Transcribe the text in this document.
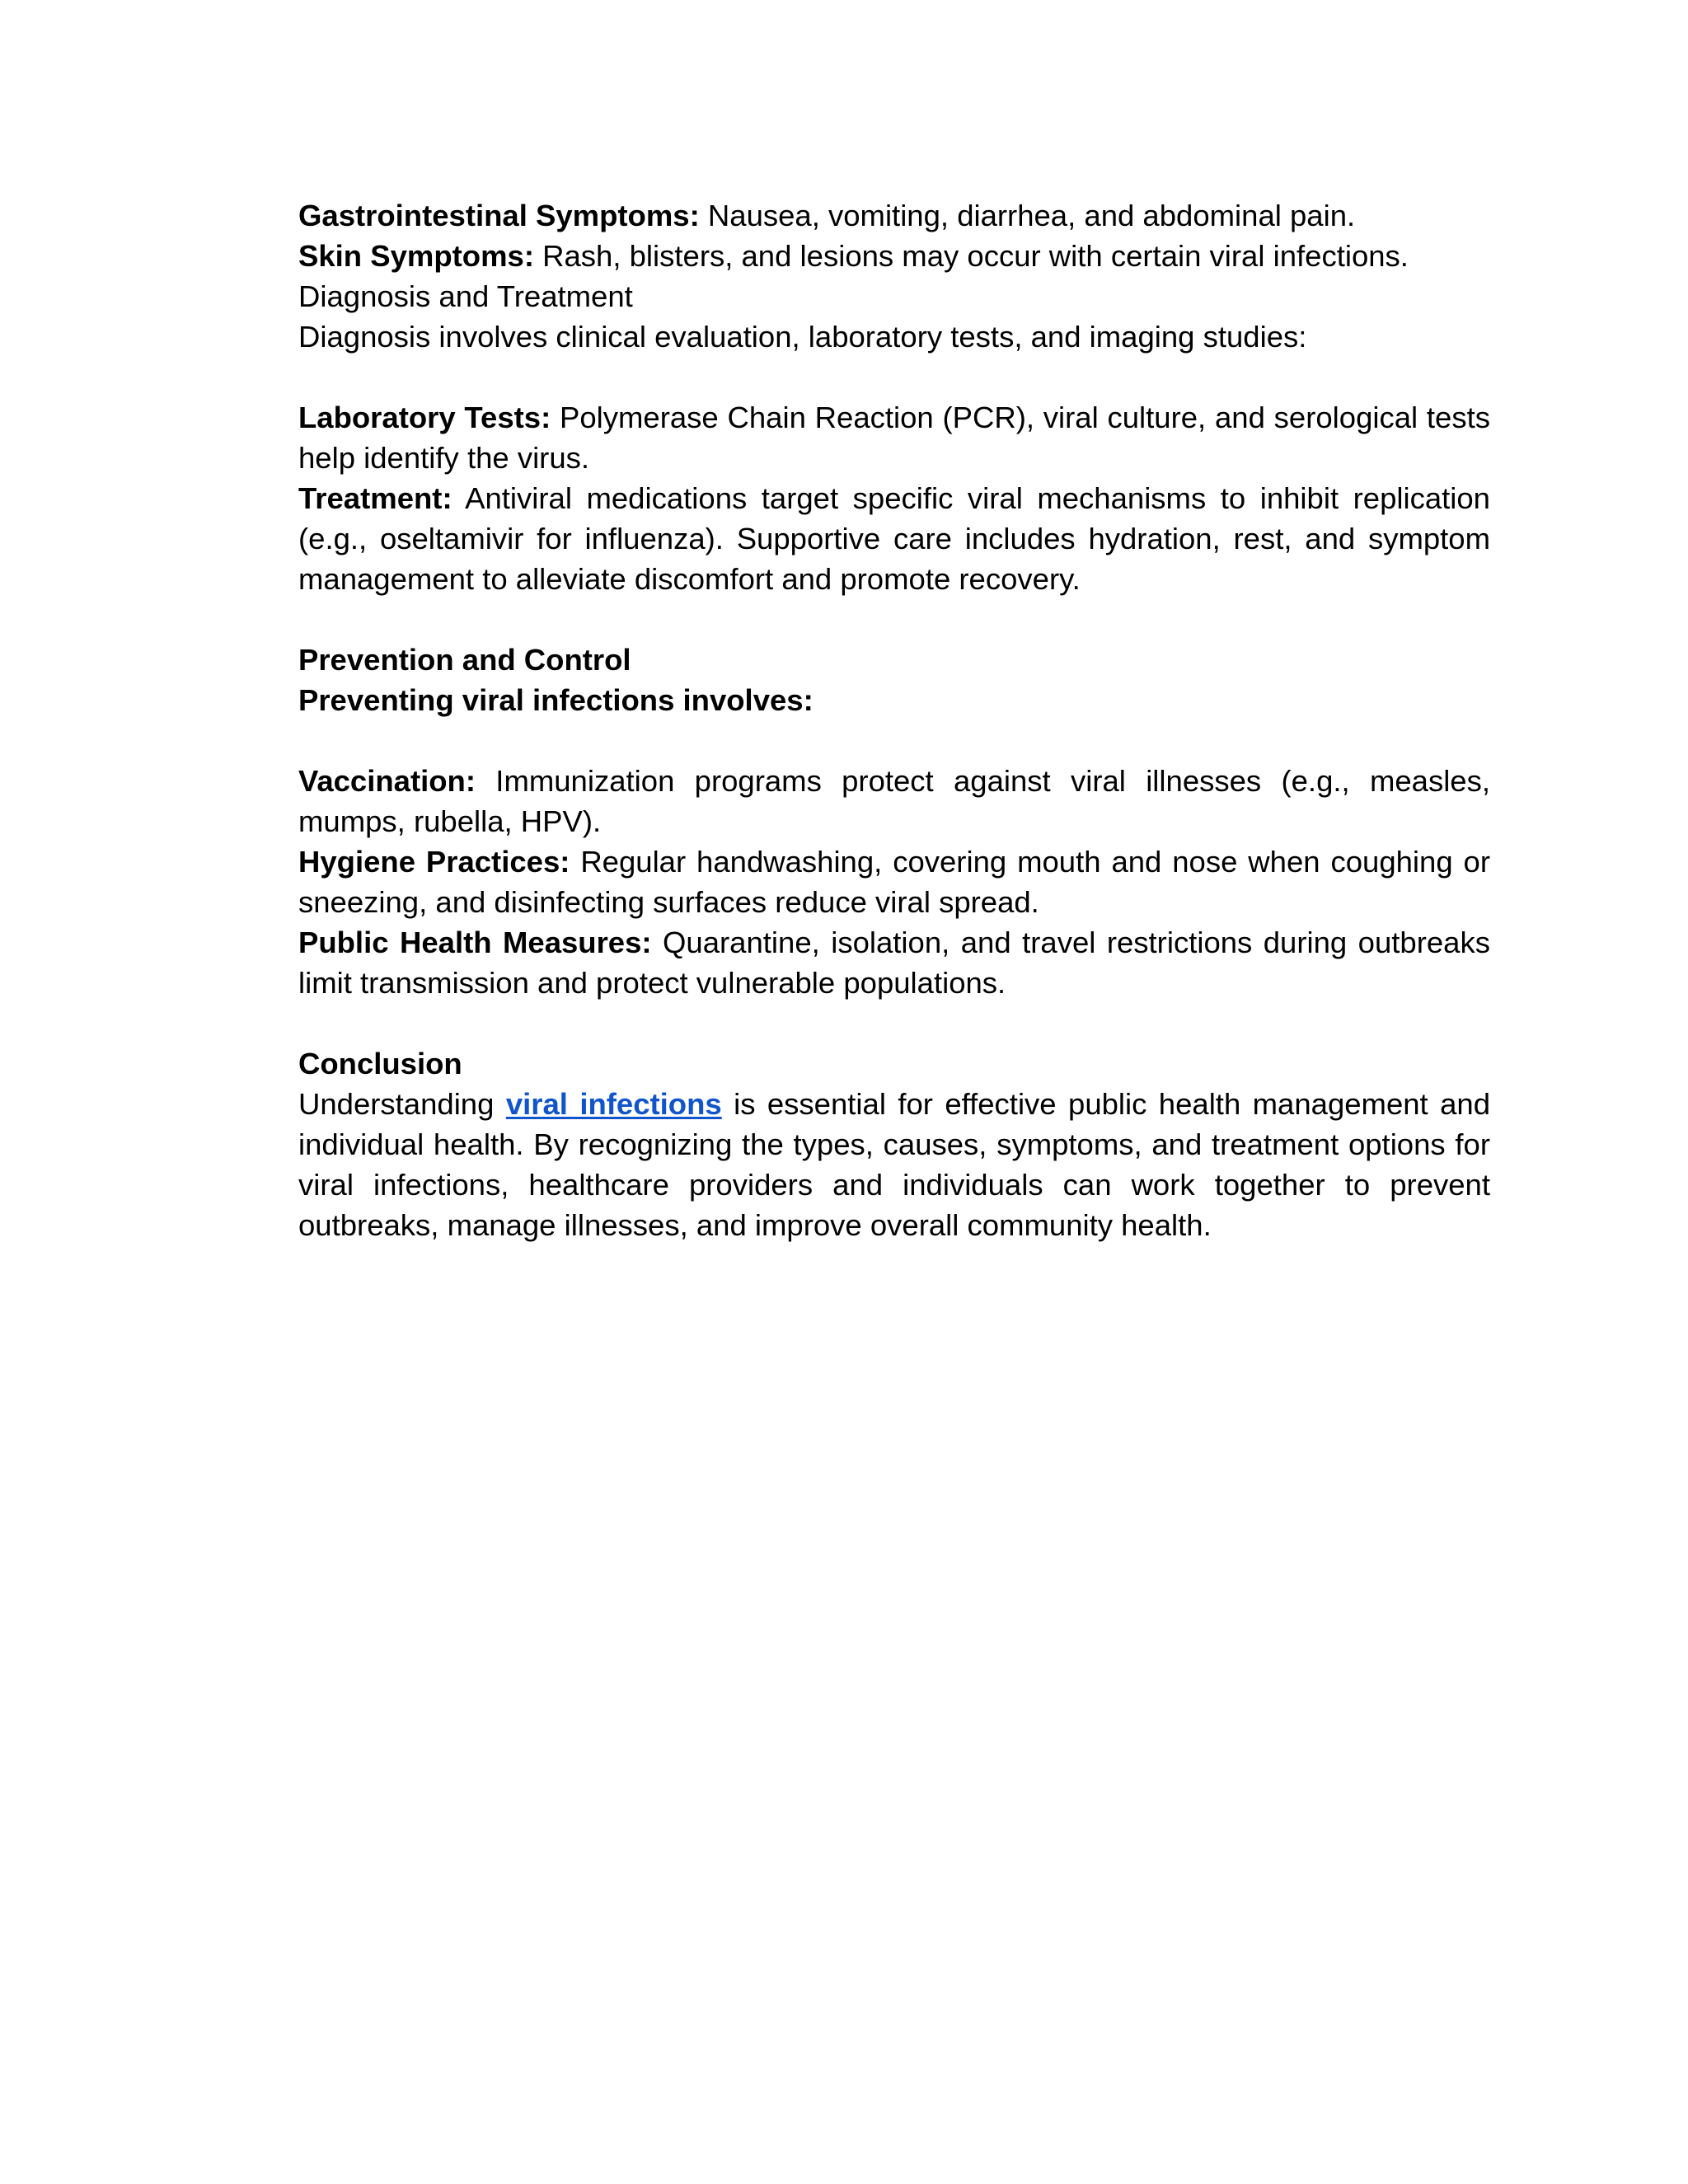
Gastrointestinal Symptoms: Nausea, vomiting, diarrhea, and abdominal pain.

Skin Symptoms: Rash, blisters, and lesions may occur with certain viral infections.

Diagnosis and Treatment

Diagnosis involves clinical evaluation, laboratory tests, and imaging studies:

Laboratory Tests: Polymerase Chain Reaction (PCR), viral culture, and serological tests help identify the virus.

Treatment: Antiviral medications target specific viral mechanisms to inhibit replication (e.g., oseltamivir for influenza). Supportive care includes hydration, rest, and symptom management to alleviate discomfort and promote recovery.

Prevention and Control

Preventing viral infections involves:

Vaccination: Immunization programs protect against viral illnesses (e.g., measles, mumps, rubella, HPV).

Hygiene Practices: Regular handwashing, covering mouth and nose when coughing or sneezing, and disinfecting surfaces reduce viral spread.

Public Health Measures: Quarantine, isolation, and travel restrictions during outbreaks limit transmission and protect vulnerable populations.

Conclusion

Understanding viral infections is essential for effective public health management and individual health. By recognizing the types, causes, symptoms, and treatment options for viral infections, healthcare providers and individuals can work together to prevent outbreaks, manage illnesses, and improve overall community health.
